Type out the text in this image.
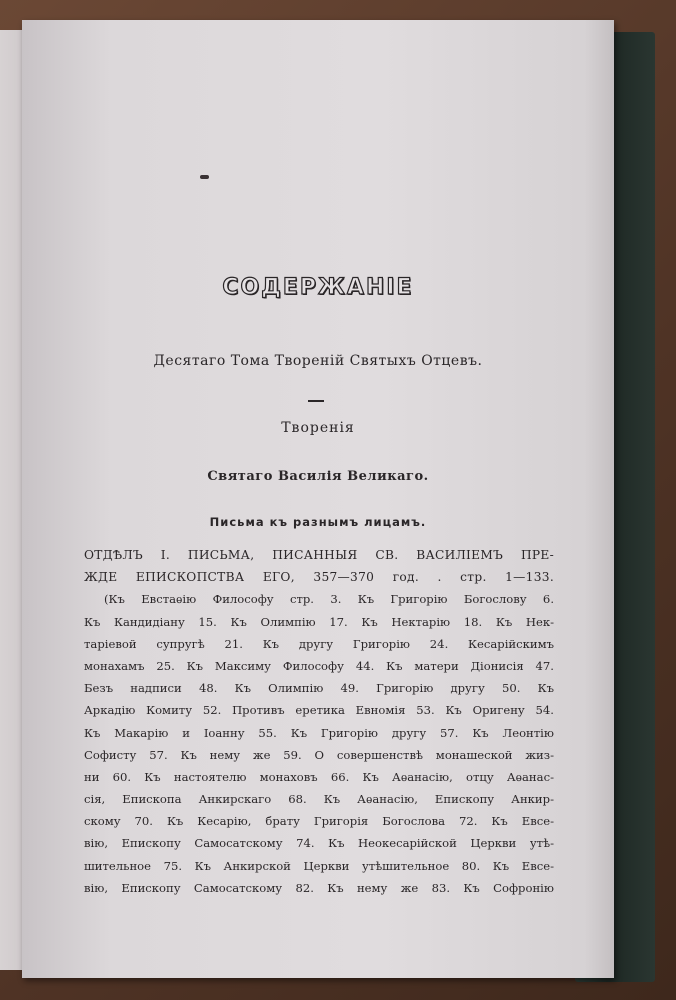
СОДЕРЖАНІЕ
Десятаго Тома Твореній Святыхъ Отцевъ.
Творенія
Святаго Василія Великаго.
Письма къ разнымъ лицамъ.
ОТДѢЛЪ I. ПИСЬМА, ПИСАННЫЯ СВ. ВАСИЛІЕМЪ ПРЕ-
ЖДЕ ЕПИСКОПСТВА ЕГО, 357—370 год. . стр. 1—133.
(Къ Евстаѳію Философу стр. 3. Къ Григорію Богослову 6.
Къ Кандидіану 15. Къ Олимпію 17. Къ Нектарію 18. Къ Нек-
таріевой супругѣ 21. Къ другу Григорію 24. Кесарійскимъ
монахамъ 25. Къ Максиму Философу 44. Къ матери Діонисія 47.
Безъ надписи 48. Къ Олимпію 49. Григорію другу 50. Къ
Аркадію Комиту 52. Противъ еретика Евномія 53. Къ Оригену 54.
Къ Макарію и Іоанну 55. Къ Григорію другу 57. Къ Леонтію
Софисту 57. Къ нему же 59. О совершенствѣ монашеской жиз-
ни 60. Къ настоятелю монаховъ 66. Къ Аѳанасію, отцу Аѳанас-
сія, Епископа Анкирскаго 68. Къ Аѳанасію, Епископу Анкир-
скому 70. Къ Кесарію, брату Григорія Богослова 72. Къ Евсе-
вію, Епископу Самосатскому 74. Къ Неокесарійской Церкви утѣ-
шительное 75. Къ Анкирской Церкви утѣшительное 80. Къ Евсе-
вію, Епископу Самосатскому 82. Къ нему же 83. Къ Софронію
